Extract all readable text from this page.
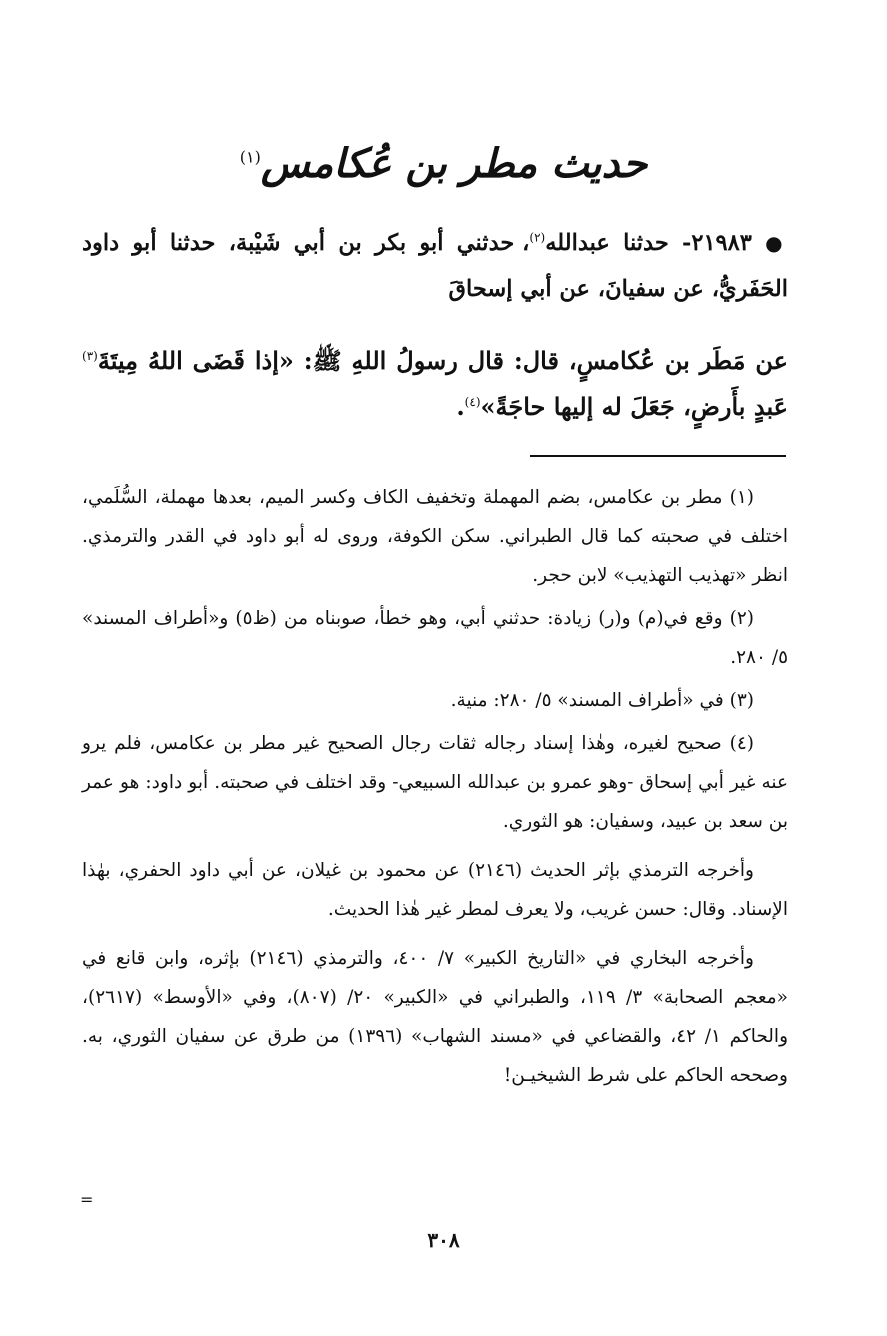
حديث مطر بن عُكامس$^{(١)}$

● ٢١٩٨٣- حدثنا عبدالله$^{(٢)}$، حدثني أبو بكر بن أبي شَيْبة، حدثنا أبو داود الحَفَريُّ، عن سفيانَ، عن أبي إسحاقَ

عن مَطَر بن عُكامسٍ، قال: قال رسولُ اللهِ ﷺ: «إذا قَضَى اللهُ مِيتَةَ$^{(٣)}$ عَبدٍ بأَرضٍ، جَعَلَ له إليها حاجَةً»$^{(٤)}$.

(١) مطر بن عكامس، بضم المهملة وتخفيف الكاف وكسر الميم، بعدها مهملة، السُّلَمي، اختلف في صحبته كما قال الطبراني. سكن الكوفة، وروى له أبو داود في القدر والترمذي. انظر «تهذيب التهذيب» لابن حجر.

(٢) وقع في(م) و(ر) زيادة: حدثني أبي، وهو خطأ، صوبناه من (ظ٥) و«أطراف المسند» ٥/ ٢٨٠.

(٣) في «أطراف المسند» ٥/ ٢٨٠: منية.

(٤) صحيح لغيره، وهٰذا إسناد رجاله ثقات رجال الصحيح غير مطر بن عكامس، فلم يرو عنه غير أبي إسحاق -وهو عمرو بن عبدالله السبيعي- وقد اختلف في صحبته. أبو داود: هو عمر بن سعد بن عبيد، وسفيان: هو الثوري.

وأخرجه الترمذي بإثر الحديث (٢١٤٦) عن محمود بن غيلان، عن أبي داود الحفري، بهٰذا الإسناد. وقال: حسن غريب، ولا يعرف لمطر غير هٰذا الحديث.

وأخرجه البخاري في «التاريخ الكبير» ٧/ ٤٠٠، والترمذي (٢١٤٦) بإثره، وابن قانع في «معجم الصحابة» ٣/ ١١٩، والطبراني في «الكبير» ٢٠/ (٨٠٧)، وفي «الأوسط» (٢٦١٧)، والحاكم ١/ ٤٢، والقضاعي في «مسند الشهاب» (١٣٩٦) من طرق عن سفيان الثوري، به. وصححه الحاكم على شرط الشيخيـن!

=
٣٠٨
